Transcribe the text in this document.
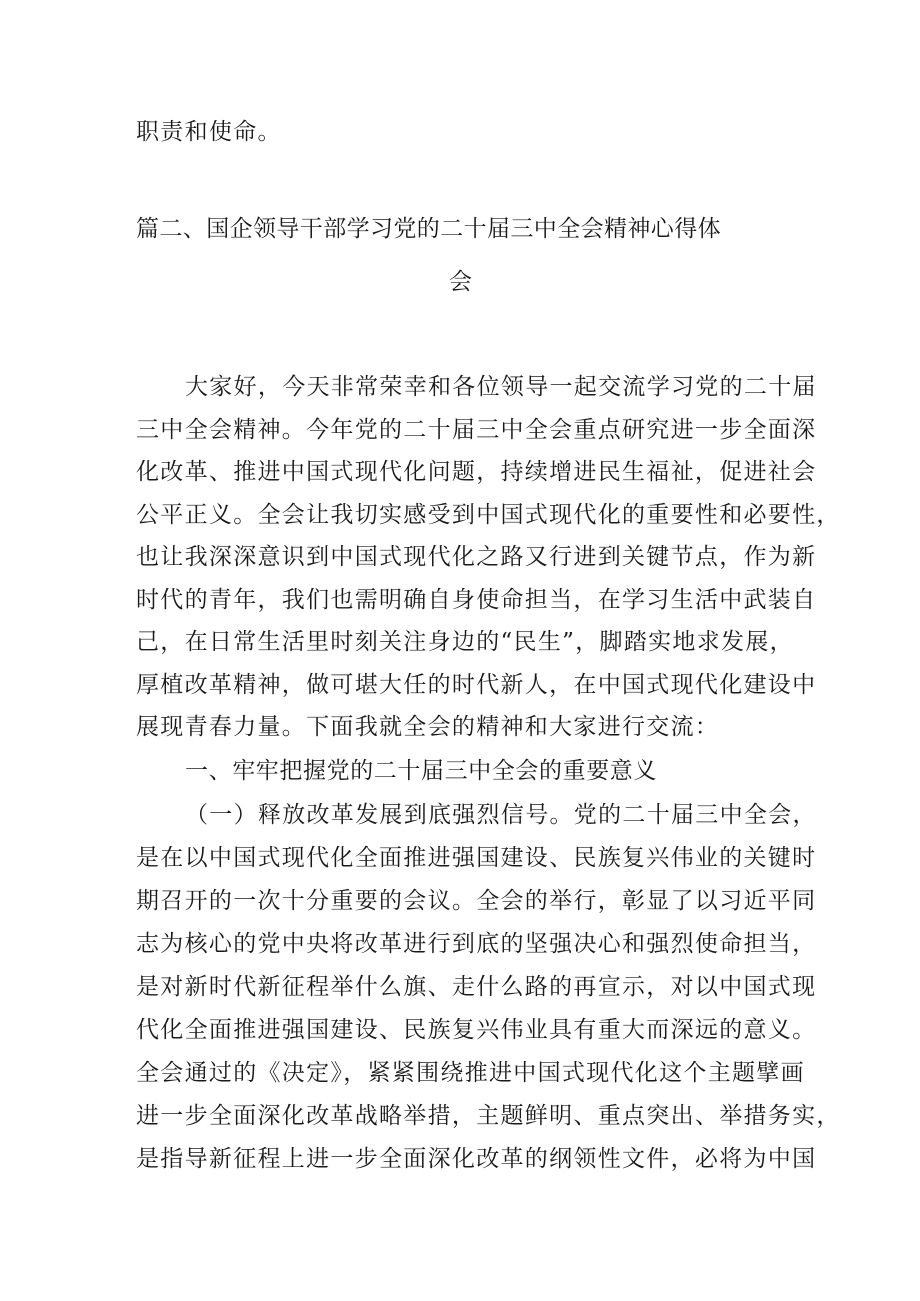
职责和使命。
篇二、国企领导干部学习党的二十届三中全会精神心得体
会
大家好，今天非常荣幸和各位领导一起交流学习党的二十届
三中全会精神。今年党的二十届三中全会重点研究进一步全面深
化改革、推进中国式现代化问题，持续增进民生福祉，促进社会
公平正义。全会让我切实感受到中国式现代化的重要性和必要性，
也让我深深意识到中国式现代化之路又行进到关键节点，作为新
时代的青年，我们也需明确自身使命担当，在学习生活中武装自
己，在日常生活里时刻关注身边的“民生”，脚踏实地求发展，
厚植改革精神，做可堪大任的时代新人，在中国式现代化建设中
展现青春力量。下面我就全会的精神和大家进行交流：
一、牢牢把握党的二十届三中全会的重要意义
（一）释放改革发展到底强烈信号。党的二十届三中全会，
是在以中国式现代化全面推进强国建设、民族复兴伟业的关键时
期召开的一次十分重要的会议。全会的举行，彰显了以习近平同
志为核心的党中央将改革进行到底的坚强决心和强烈使命担当，
是对新时代新征程举什么旗、走什么路的再宣示，对以中国式现
代化全面推进强国建设、民族复兴伟业具有重大而深远的意义。
全会通过的《决定》，紧紧围绕推进中国式现代化这个主题擘画
进一步全面深化改革战略举措，主题鲜明、重点突出、举措务实，
是指导新征程上进一步全面深化改革的纲领性文件，必将为中国
